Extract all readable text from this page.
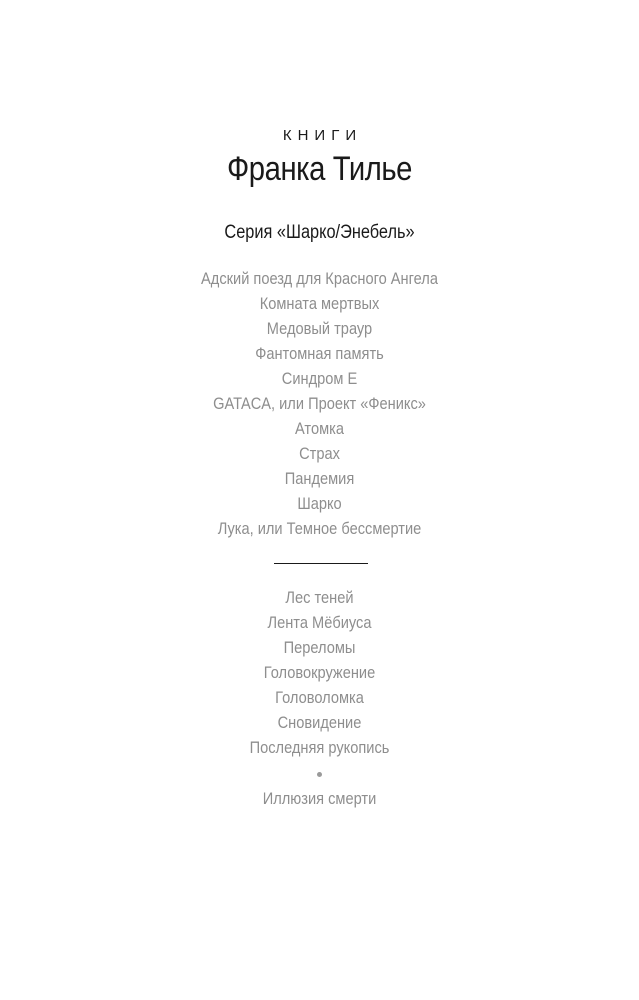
КНИГИ
Франка Тилье
Серия «Шарко/Энебель»
Адский поезд для Красного Ангела
Комната мертвых
Медовый траур
Фантомная память
Синдром Е
GATACA, или Проект «Феникс»
Атомка
Страх
Пандемия
Шарко
Лука, или Темное бессмертие
Лес теней
Лента Мёбиуса
Переломы
Головокружение
Головоломка
Сновидение
Последняя рукопись
Иллюзия смерти
